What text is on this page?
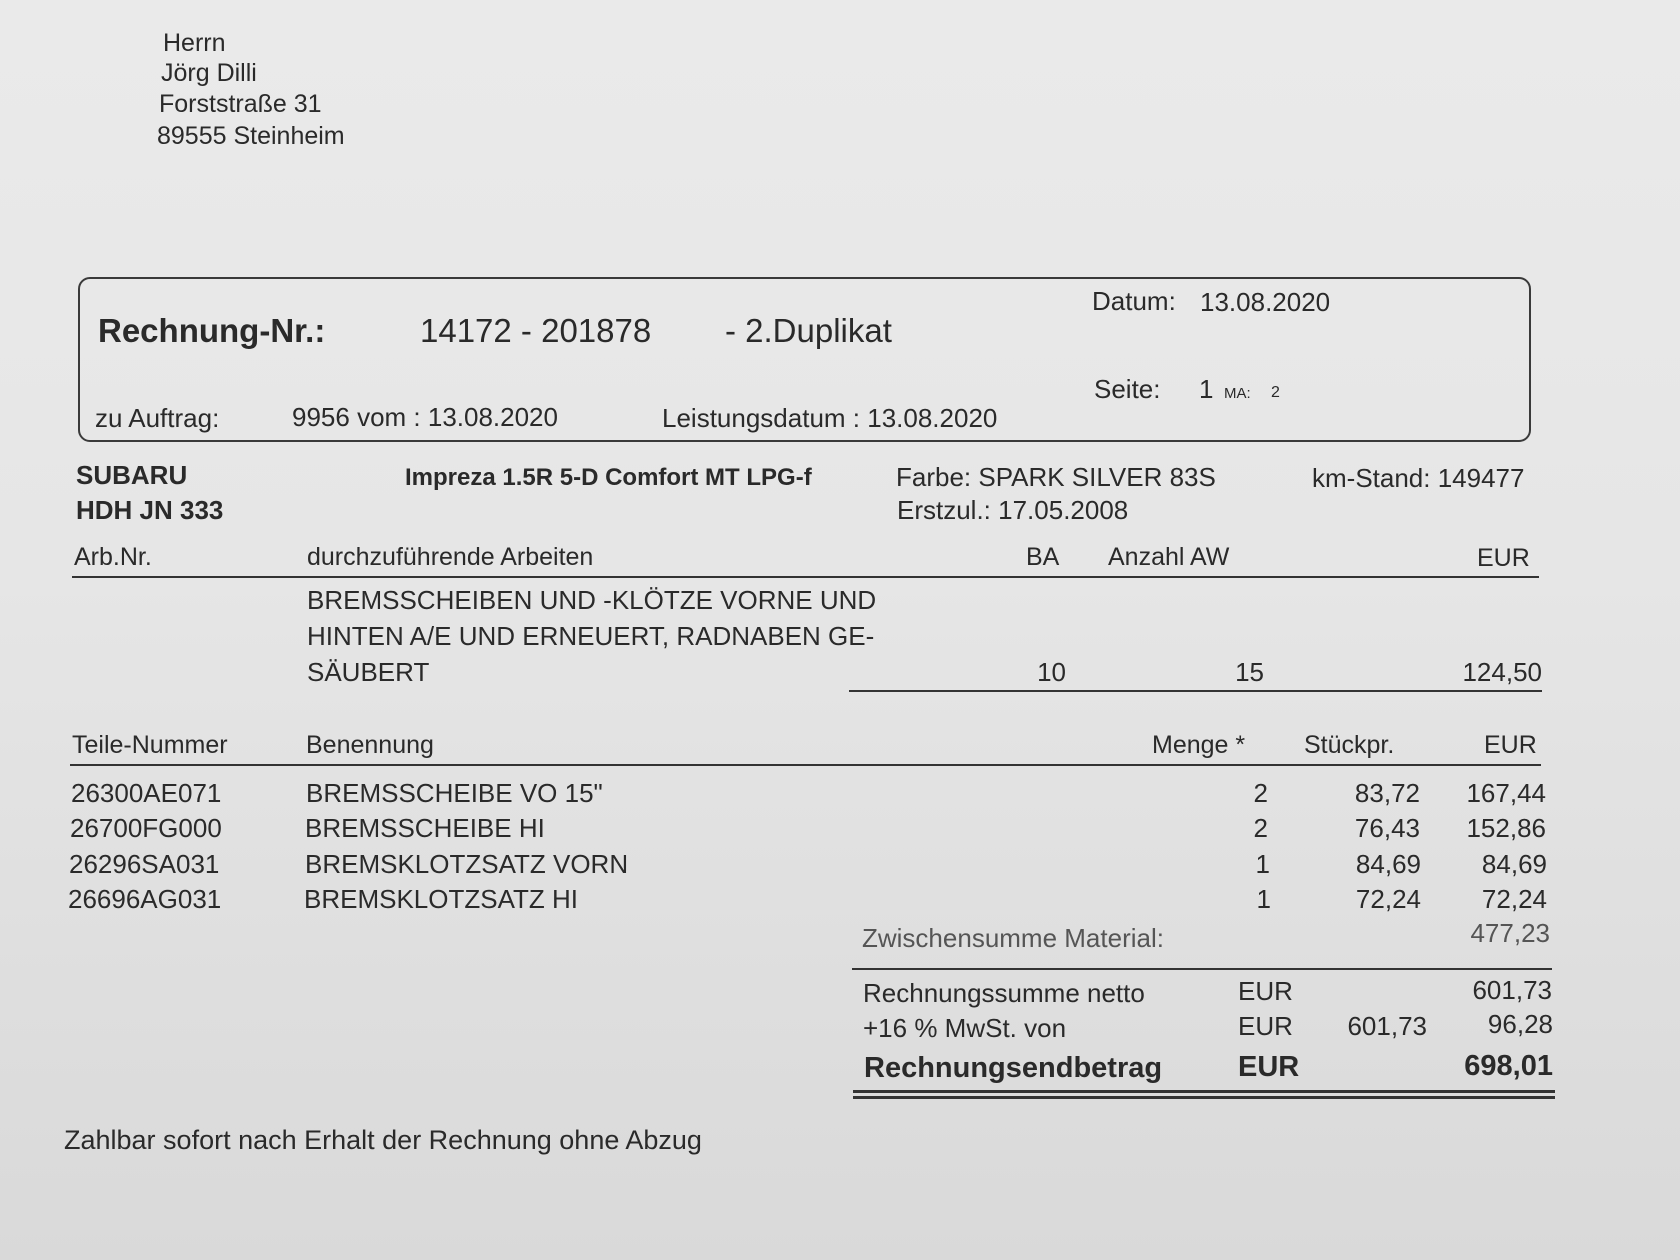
Herrn
Jörg Dilli
Forststraße 31
89555 Steinheim
Rechnung-Nr.:	14172 - 201878 - 2.Duplikat
Datum: 13.08.2020
Seite: 1 MA: 2
zu Auftrag:	9956 vom : 13.08.2020	Leistungsdatum : 13.08.2020
SUBARU
HDH JN 333
Impreza 1.5R 5-D Comfort MT LPG-f	Farbe: SPARK SILVER 83S
Erstzul.: 17.05.2008
km-Stand: 149477
Arb.Nr.	durchzuführende Arbeiten	BA Anzahl AW	EUR
BREMSSCHEIBEN UND -KLÖTZE VORNE UND
HINTEN A/E UND ERNEUERT, RADNABEN GE-
SÄUBERT	10	15	124,50
Teile-Nummer	Benennung	Menge * Stückpr.	EUR
26300AE071	BREMSSCHEIBE VO 15"	2	83,72	167,44
26700FG000	BREMSSCHEIBE HI	2	76,43	152,86
26296SA031	BREMSKLOTZSATZ VORN	1	84,69	84,69
26696AG031	BREMSKLOTZSATZ HI	1	72,24	72,24
Zwischensumme Material:	477,23
Rechnungssumme netto	EUR	601,73
+16 % MwSt. von	EUR	601,73	96,28
Rechnungsendbetrag	EUR	698,01
Zahlbar sofort nach Erhalt der Rechnung ohne Abzug
